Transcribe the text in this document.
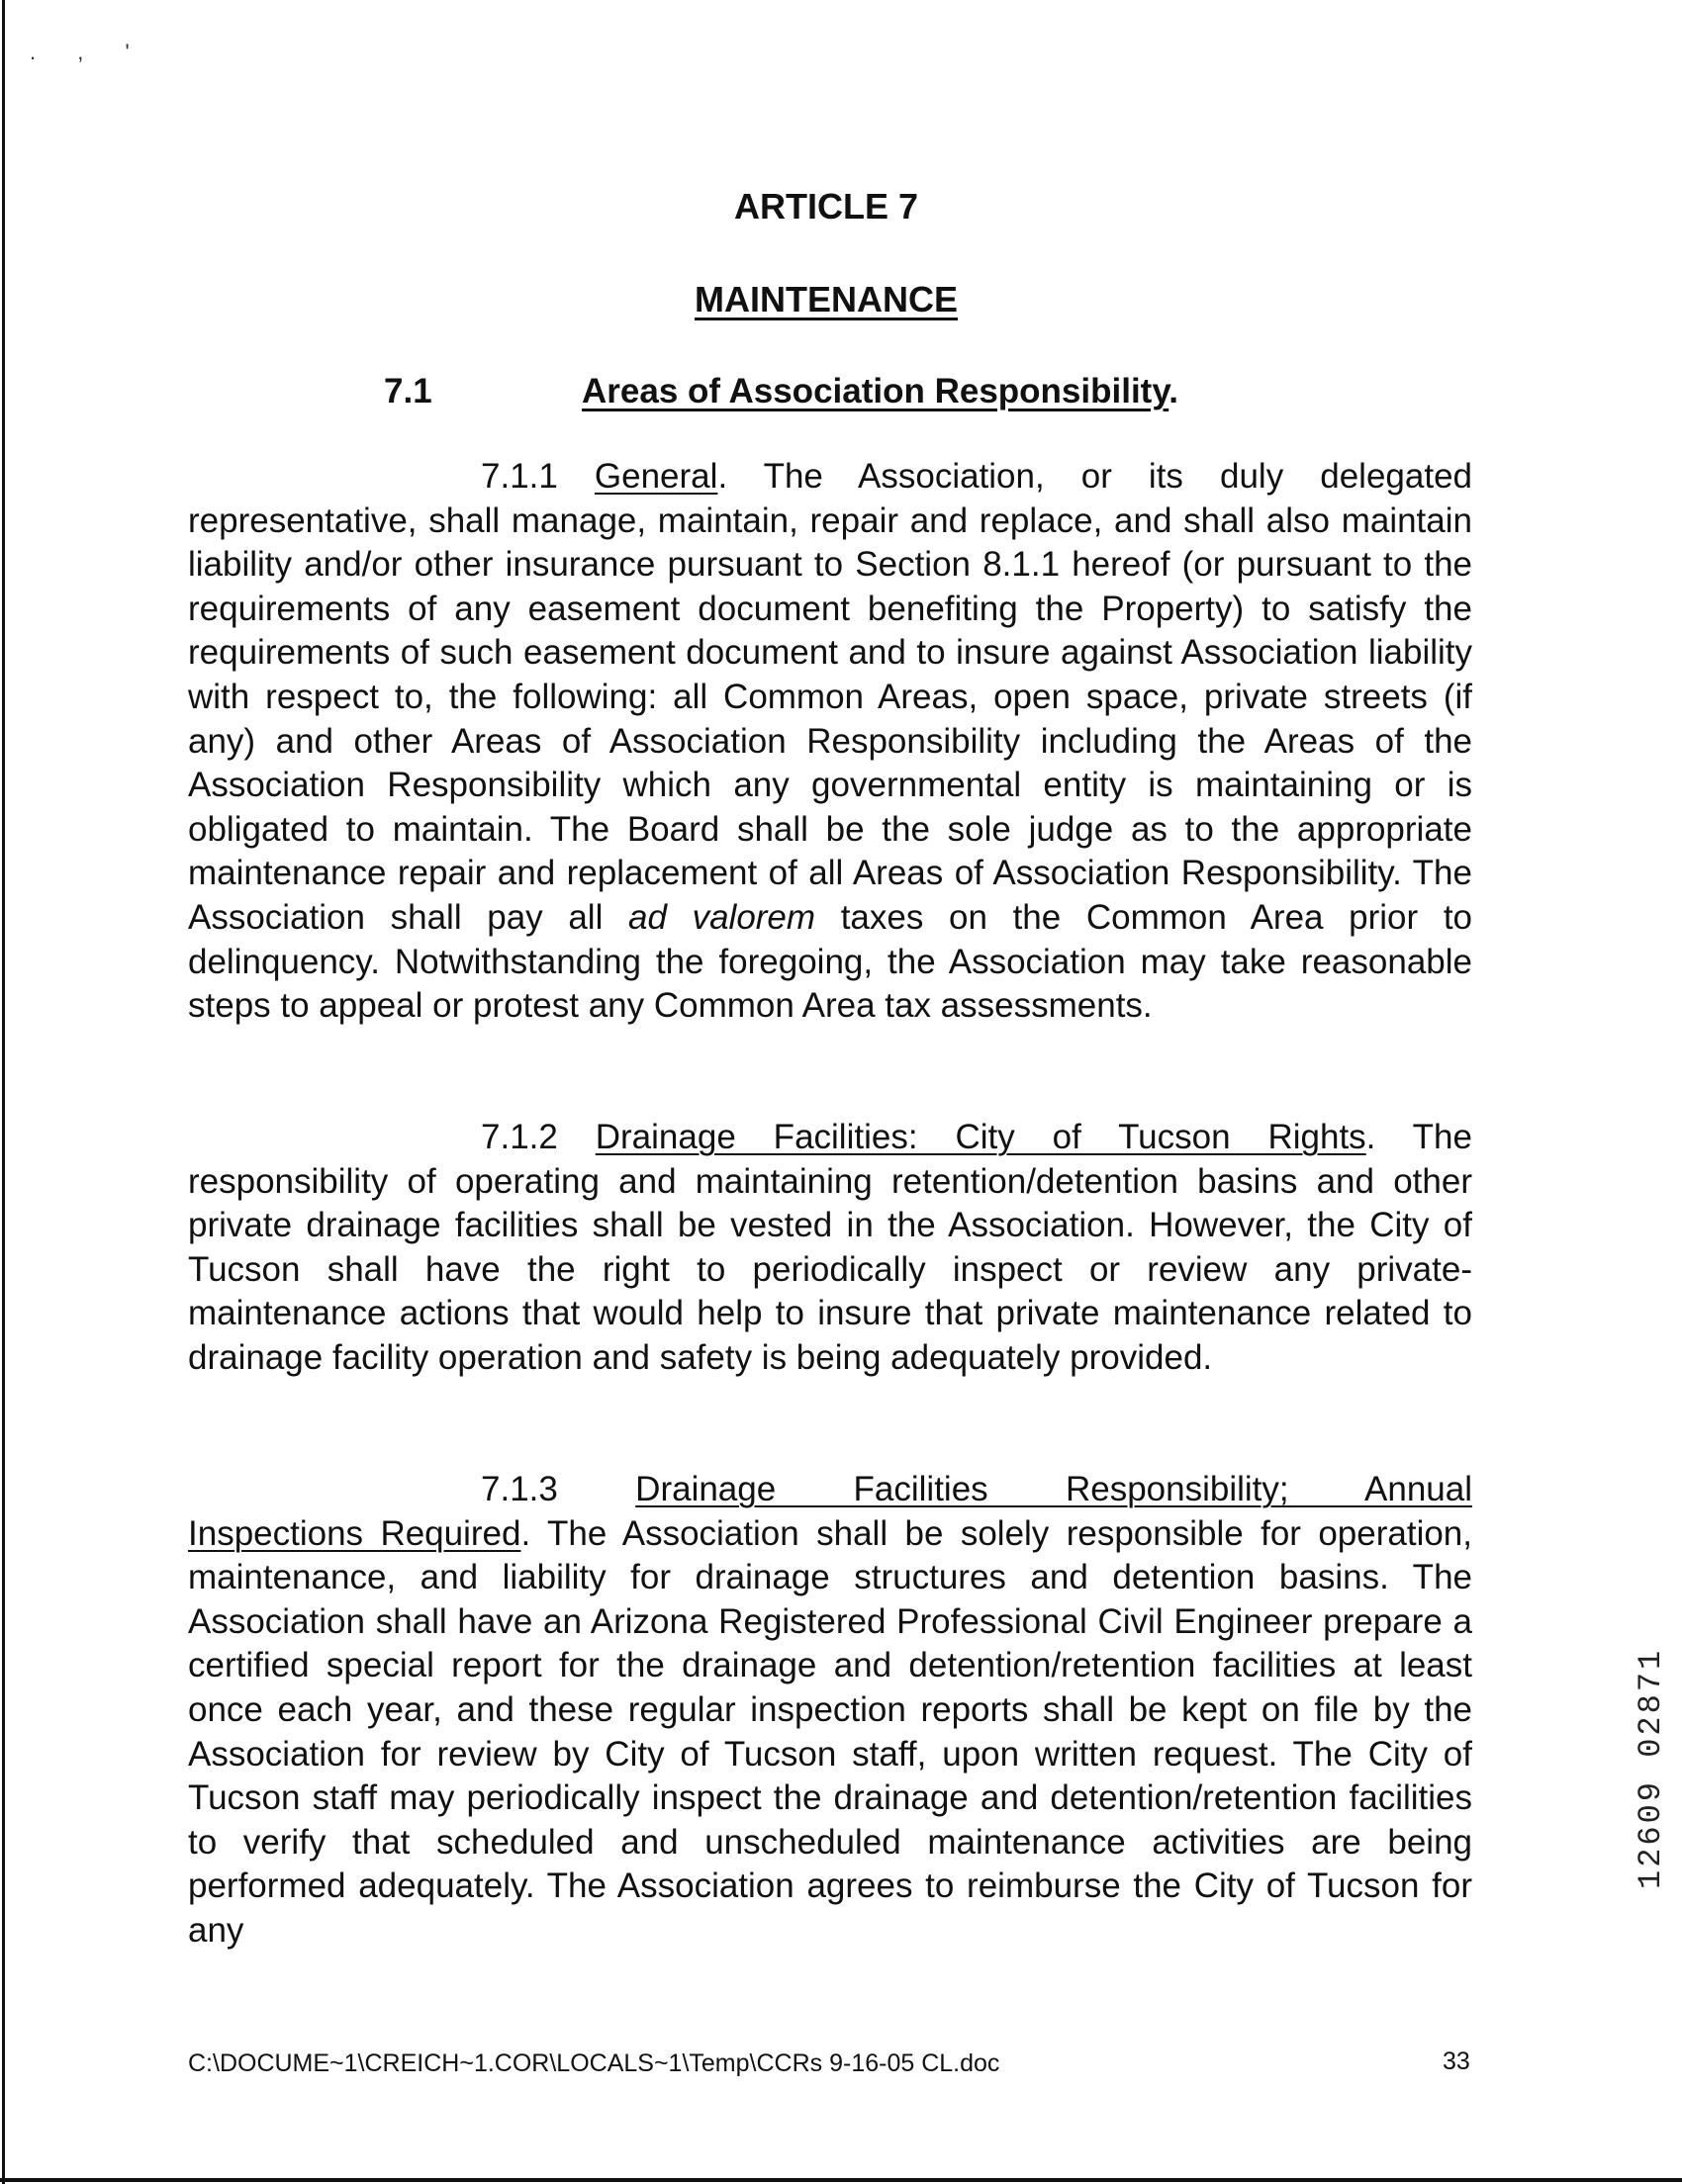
. , '
ARTICLE 7
MAINTENANCE
7.1	Areas of Association Responsibility.
7.1.1 General. The Association, or its duly delegated representative, shall manage, maintain, repair and replace, and shall also maintain liability and/or other insurance pursuant to Section 8.1.1 hereof (or pursuant to the requirements of any easement document benefiting the Property) to satisfy the requirements of such easement document and to insure against Association liability with respect to, the following: all Common Areas, open space, private streets (if any) and other Areas of Association Responsibility including the Areas of the Association Responsibility which any governmental entity is maintaining or is obligated to maintain. The Board shall be the sole judge as to the appropriate maintenance repair and replacement of all Areas of Association Responsibility. The Association shall pay all ad valorem taxes on the Common Area prior to delinquency. Notwithstanding the foregoing, the Association may take reasonable steps to appeal or protest any Common Area tax assessments.
7.1.2 Drainage Facilities: City of Tucson Rights. The responsibility of operating and maintaining retention/detention basins and other private drainage facilities shall be vested in the Association. However, the City of Tucson shall have the right to periodically inspect or review any private-maintenance actions that would help to insure that private maintenance related to drainage facility operation and safety is being adequately provided.
7.1.3 Drainage Facilities Responsibility; Annual
Inspections Required. The Association shall be solely responsible for operation, maintenance, and liability for drainage structures and detention basins. The Association shall have an Arizona Registered Professional Civil Engineer prepare a certified special report for the drainage and detention/retention facilities at least once each year, and these regular inspection reports shall be kept on file by the Association for review by City of Tucson staff, upon written request. The City of Tucson staff may periodically inspect the drainage and detention/retention facilities to verify that scheduled and unscheduled maintenance activities are being performed adequately. The Association agrees to reimburse the City of Tucson for any
12609 02871
C:\DOCUME~1\CREICH~1.COR\LOCALS~1\Temp\CCRs 9-16-05 CL.doc	33
